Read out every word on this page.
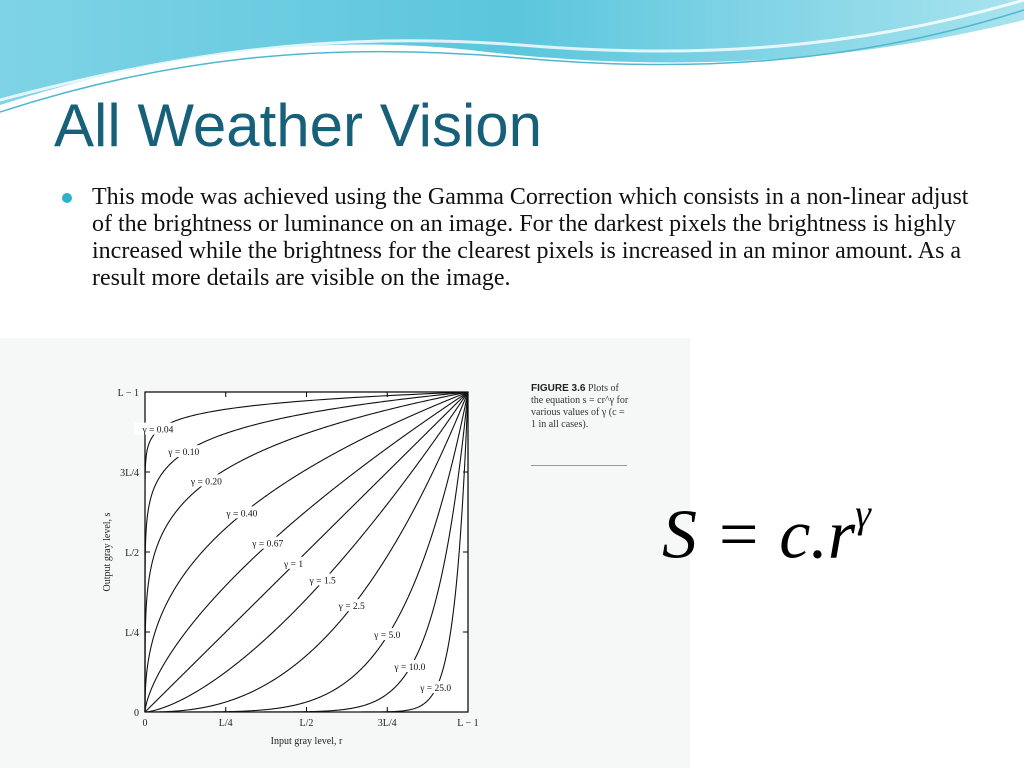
All Weather Vision
This mode was achieved using the Gamma Correction which consists in a non-linear adjust of the brightness or luminance on an image. For the darkest pixels the brightness is highly increased while the brightness for the clearest pixels is increased in an minor amount. As a result more details are visible on the image.
0	L/4	L/2	3L/4	L − 1
0
L/4
L/2
3L/4
L − 1
Input gray level, r
Output gray level, s
γ = 0.04
γ = 0.10
γ = 0.20
γ = 0.40
γ = 0.67
γ = 1
γ = 1.5
γ = 2.5
γ = 5.0
γ = 10.0
γ = 25.0
FIGURE 3.6 Plots of the equation s = cr^γ for various values of γ (c = 1 in all cases).
$S = c.r^\gamma$
